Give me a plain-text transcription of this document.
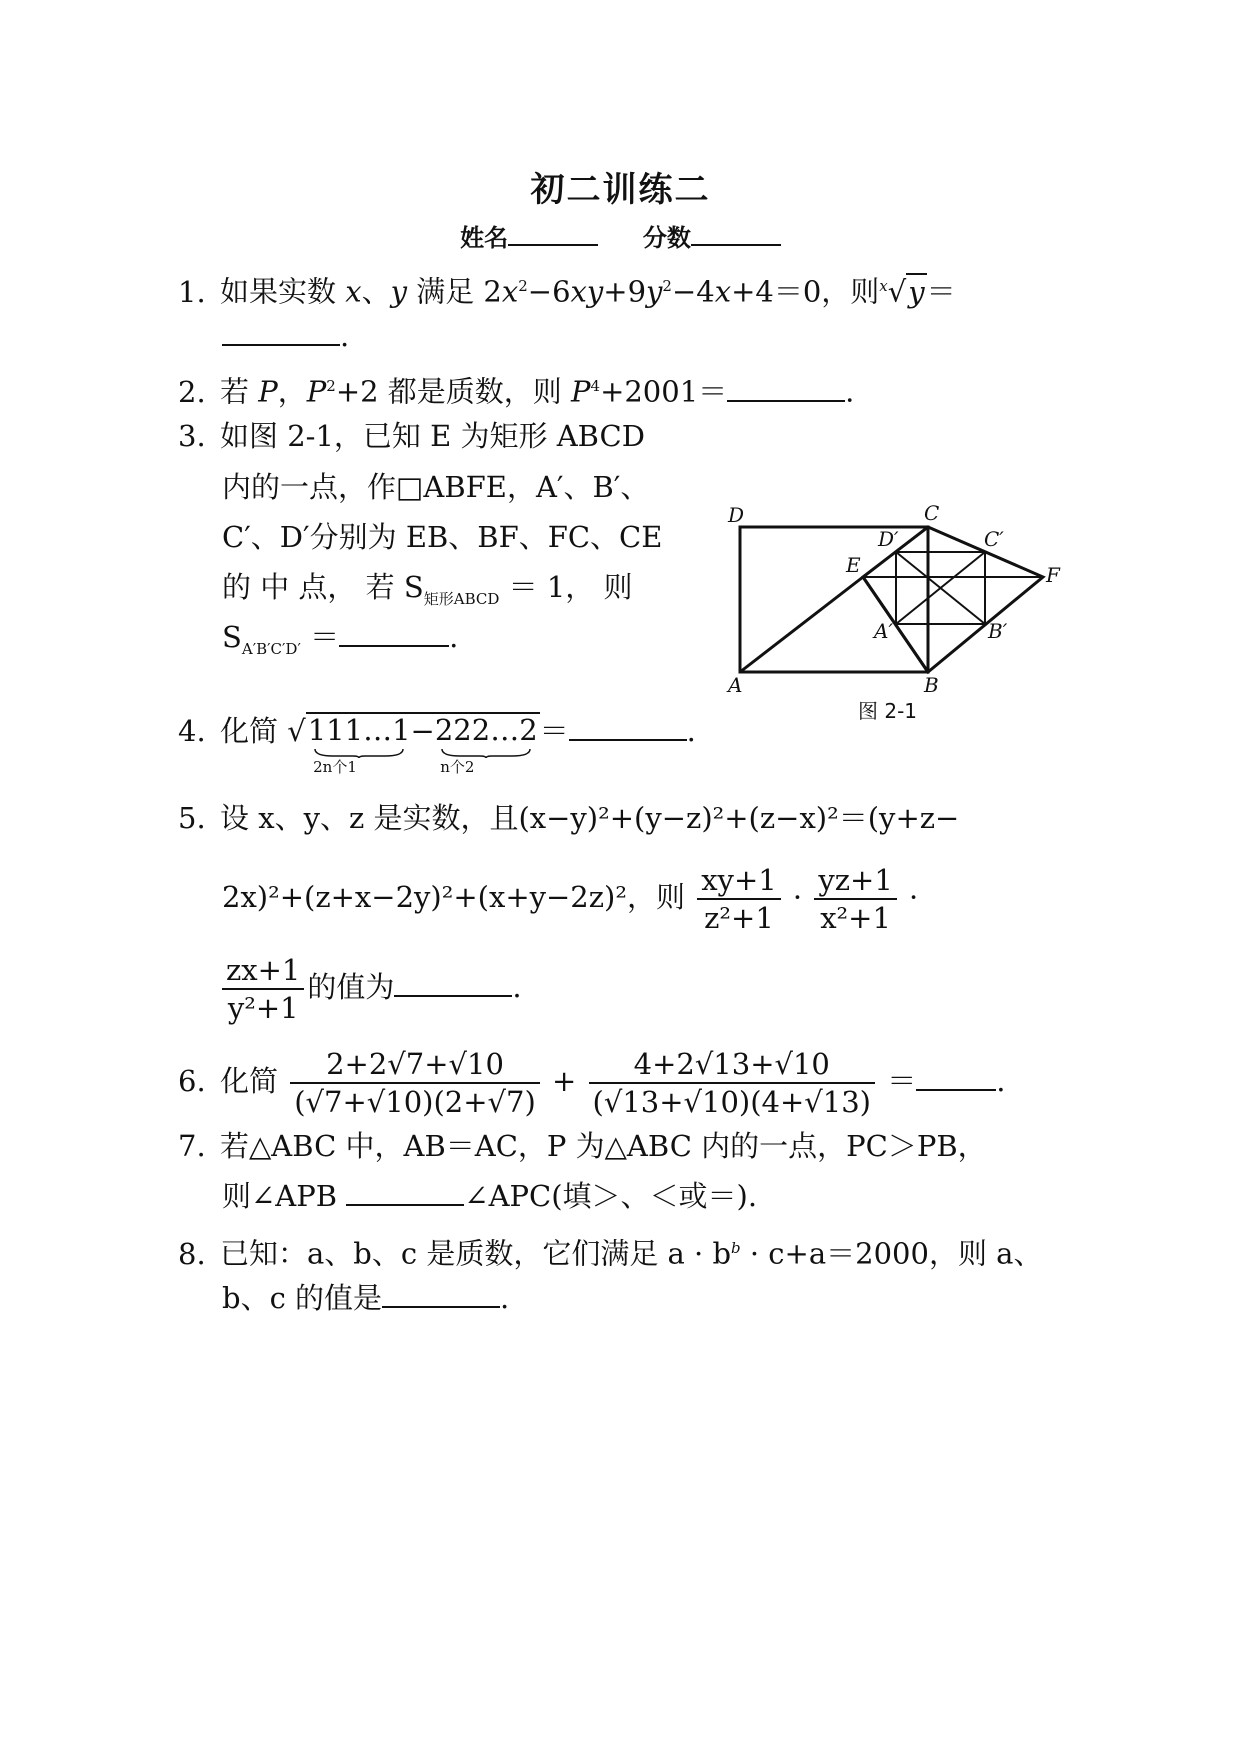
初二训练二
姓名	分数
1. 如果实数 x、y 满足 $2x^2-6xy+9y^2-4x+4=0$，则$^x$√y＝
.
2. 若 P，$P^2+2$ 都是质数，则 $P^4+2001=$	.
3. 如图 2-1，已知 E 为矩形 ABCD
内的一点，作□ABFE，A′、B′、
C′、D′分别为 EB、BF、FC、CE
的 中 点， 若 $S_{矩形ABCD} = 1$， 则
$S_{A'B'C'D'}$ ＝	.
D	C
E	F
A	B
D′	C′
A′	B′
图 2-1
4. 化简 √ 111…1
2n个1
− 222…2
n个2
＝	.
5. 设 x、y、z 是实数，且(x−y)²+(y−z)²+(z−x)²＝(y+z−
2x)²+(z+x−2y)²+(x+y−2z)²，则 $\frac{xy+1}{\text{z²+1}} \cdot \frac{yz+1}{\text{x²+1}}$ ·
$\frac{zx+1}{\text{y²+1}}$ 的值为	.
6. 化简 $\frac{2+2√7+√10}{(√7+√10)(2+√7)} + \frac{4+2√13+√10}{(√13+√10)(4+√13)}$ ＝	.
7. 若△ABC 中，AB＝AC，P 为△ABC 内的一点，PC＞PB，
则∠APB	∠APC(填＞、＜或＝).
8. 已知：a、b、c 是质数，它们满足 $a \cdot b^b \cdot c+a=2000$，则 a、
b、c 的值是	.
